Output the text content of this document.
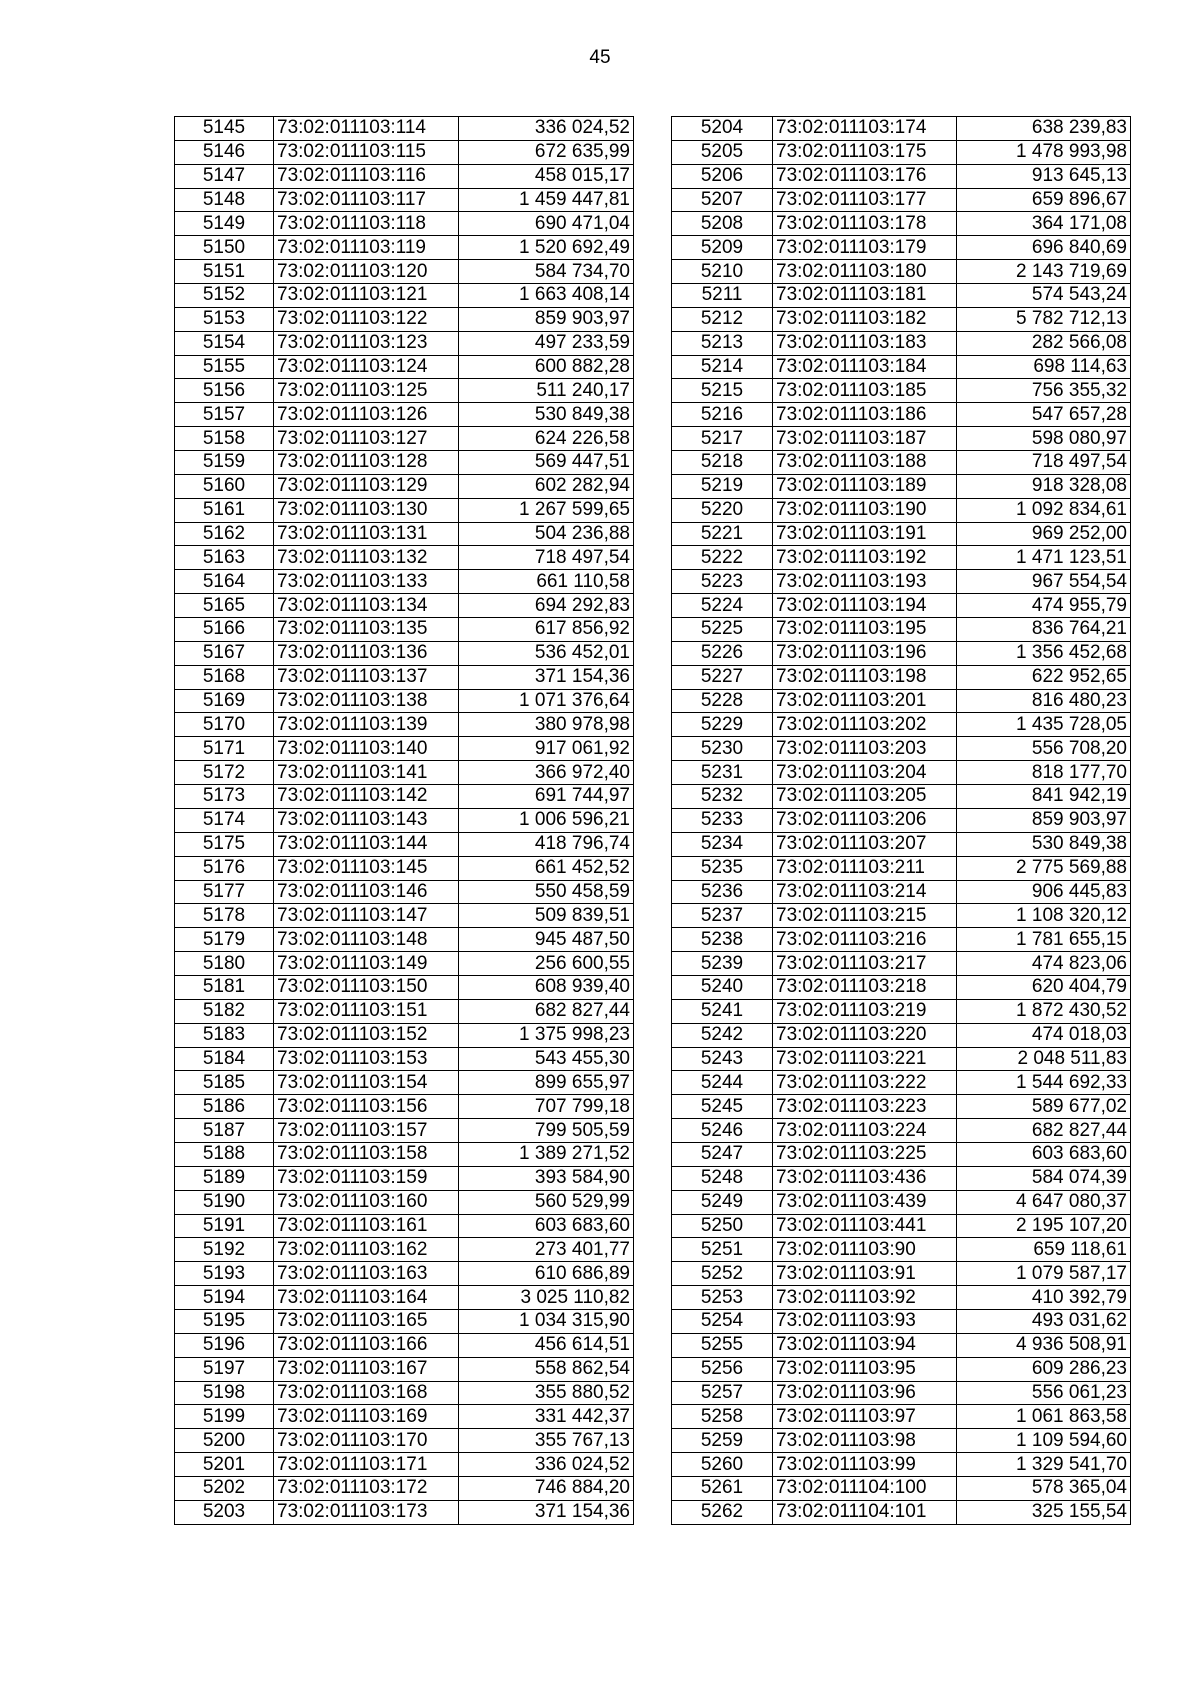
45
5145	73:02:011103:114	336 024,52
5146	73:02:011103:115	672 635,99
5147	73:02:011103:116	458 015,17
5148	73:02:011103:117	1 459 447,81
5149	73:02:011103:118	690 471,04
5150	73:02:011103:119	1 520 692,49
5151	73:02:011103:120	584 734,70
5152	73:02:011103:121	1 663 408,14
5153	73:02:011103:122	859 903,97
5154	73:02:011103:123	497 233,59
5155	73:02:011103:124	600 882,28
5156	73:02:011103:125	511 240,17
5157	73:02:011103:126	530 849,38
5158	73:02:011103:127	624 226,58
5159	73:02:011103:128	569 447,51
5160	73:02:011103:129	602 282,94
5161	73:02:011103:130	1 267 599,65
5162	73:02:011103:131	504 236,88
5163	73:02:011103:132	718 497,54
5164	73:02:011103:133	661 110,58
5165	73:02:011103:134	694 292,83
5166	73:02:011103:135	617 856,92
5167	73:02:011103:136	536 452,01
5168	73:02:011103:137	371 154,36
5169	73:02:011103:138	1 071 376,64
5170	73:02:011103:139	380 978,98
5171	73:02:011103:140	917 061,92
5172	73:02:011103:141	366 972,40
5173	73:02:011103:142	691 744,97
5174	73:02:011103:143	1 006 596,21
5175	73:02:011103:144	418 796,74
5176	73:02:011103:145	661 452,52
5177	73:02:011103:146	550 458,59
5178	73:02:011103:147	509 839,51
5179	73:02:011103:148	945 487,50
5180	73:02:011103:149	256 600,55
5181	73:02:011103:150	608 939,40
5182	73:02:011103:151	682 827,44
5183	73:02:011103:152	1 375 998,23
5184	73:02:011103:153	543 455,30
5185	73:02:011103:154	899 655,97
5186	73:02:011103:156	707 799,18
5187	73:02:011103:157	799 505,59
5188	73:02:011103:158	1 389 271,52
5189	73:02:011103:159	393 584,90
5190	73:02:011103:160	560 529,99
5191	73:02:011103:161	603 683,60
5192	73:02:011103:162	273 401,77
5193	73:02:011103:163	610 686,89
5194	73:02:011103:164	3 025 110,82
5195	73:02:011103:165	1 034 315,90
5196	73:02:011103:166	456 614,51
5197	73:02:011103:167	558 862,54
5198	73:02:011103:168	355 880,52
5199	73:02:011103:169	331 442,37
5200	73:02:011103:170	355 767,13
5201	73:02:011103:171	336 024,52
5202	73:02:011103:172	746 884,20
5203	73:02:011103:173	371 154,36
5204	73:02:011103:174	638 239,83
5205	73:02:011103:175	1 478 993,98
5206	73:02:011103:176	913 645,13
5207	73:02:011103:177	659 896,67
5208	73:02:011103:178	364 171,08
5209	73:02:011103:179	696 840,69
5210	73:02:011103:180	2 143 719,69
5211	73:02:011103:181	574 543,24
5212	73:02:011103:182	5 782 712,13
5213	73:02:011103:183	282 566,08
5214	73:02:011103:184	698 114,63
5215	73:02:011103:185	756 355,32
5216	73:02:011103:186	547 657,28
5217	73:02:011103:187	598 080,97
5218	73:02:011103:188	718 497,54
5219	73:02:011103:189	918 328,08
5220	73:02:011103:190	1 092 834,61
5221	73:02:011103:191	969 252,00
5222	73:02:011103:192	1 471 123,51
5223	73:02:011103:193	967 554,54
5224	73:02:011103:194	474 955,79
5225	73:02:011103:195	836 764,21
5226	73:02:011103:196	1 356 452,68
5227	73:02:011103:198	622 952,65
5228	73:02:011103:201	816 480,23
5229	73:02:011103:202	1 435 728,05
5230	73:02:011103:203	556 708,20
5231	73:02:011103:204	818 177,70
5232	73:02:011103:205	841 942,19
5233	73:02:011103:206	859 903,97
5234	73:02:011103:207	530 849,38
5235	73:02:011103:211	2 775 569,88
5236	73:02:011103:214	906 445,83
5237	73:02:011103:215	1 108 320,12
5238	73:02:011103:216	1 781 655,15
5239	73:02:011103:217	474 823,06
5240	73:02:011103:218	620 404,79
5241	73:02:011103:219	1 872 430,52
5242	73:02:011103:220	474 018,03
5243	73:02:011103:221	2 048 511,83
5244	73:02:011103:222	1 544 692,33
5245	73:02:011103:223	589 677,02
5246	73:02:011103:224	682 827,44
5247	73:02:011103:225	603 683,60
5248	73:02:011103:436	584 074,39
5249	73:02:011103:439	4 647 080,37
5250	73:02:011103:441	2 195 107,20
5251	73:02:011103:90	659 118,61
5252	73:02:011103:91	1 079 587,17
5253	73:02:011103:92	410 392,79
5254	73:02:011103:93	493 031,62
5255	73:02:011103:94	4 936 508,91
5256	73:02:011103:95	609 286,23
5257	73:02:011103:96	556 061,23
5258	73:02:011103:97	1 061 863,58
5259	73:02:011103:98	1 109 594,60
5260	73:02:011103:99	1 329 541,70
5261	73:02:011104:100	578 365,04
5262	73:02:011104:101	325 155,54
